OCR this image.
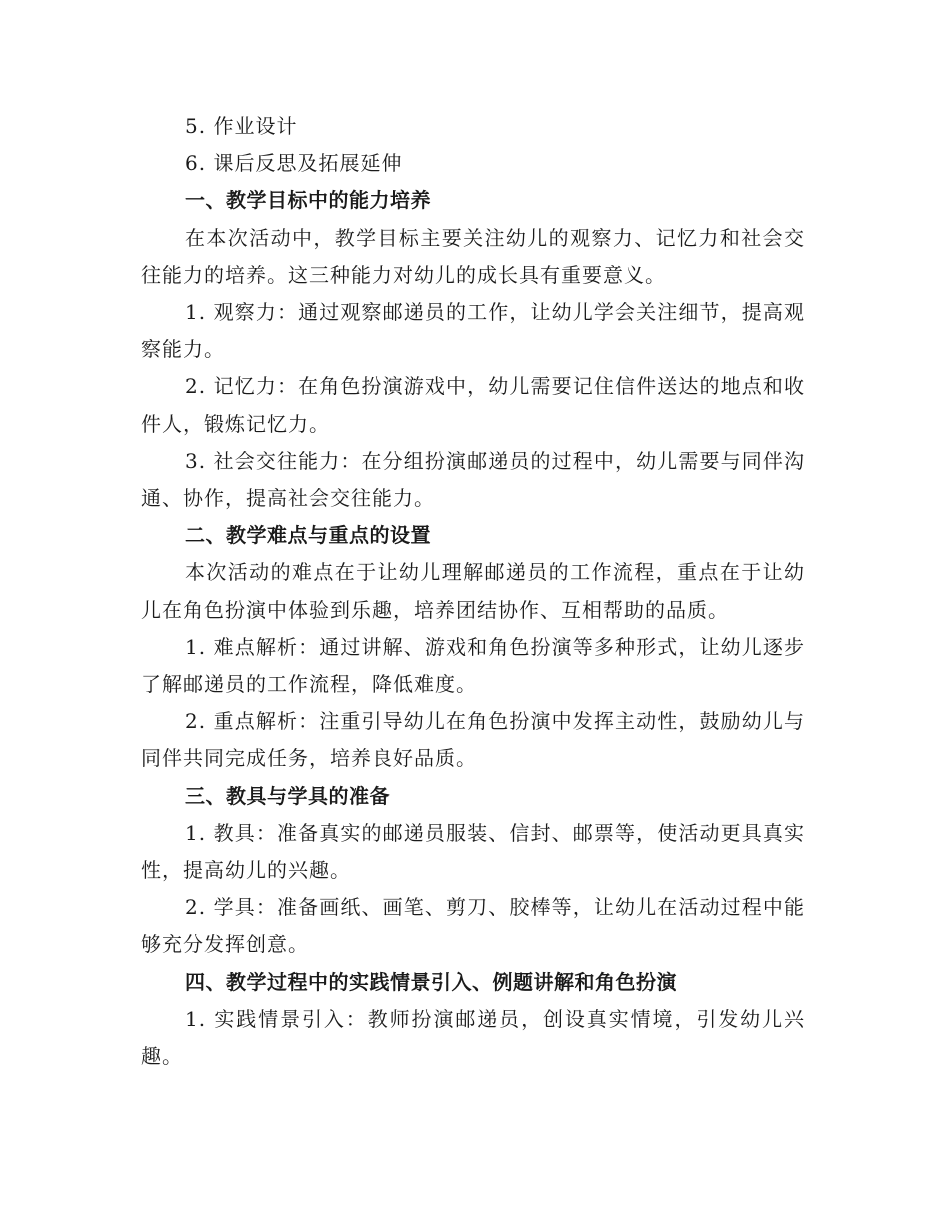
5. 作业设计

6. 课后反思及拓展延伸

一、教学目标中的能力培养

在本次活动中，教学目标主要关注幼儿的观察力、记忆力和社会交往能力的培养。这三种能力对幼儿的成长具有重要意义。

1. 观察力：通过观察邮递员的工作，让幼儿学会关注细节，提高观察能力。

2. 记忆力：在角色扮演游戏中，幼儿需要记住信件送达的地点和收件人，锻炼记忆力。

3. 社会交往能力：在分组扮演邮递员的过程中，幼儿需要与同伴沟通、协作，提高社会交往能力。

二、教学难点与重点的设置

本次活动的难点在于让幼儿理解邮递员的工作流程，重点在于让幼儿在角色扮演中体验到乐趣，培养团结协作、互相帮助的品质。

1. 难点解析：通过讲解、游戏和角色扮演等多种形式，让幼儿逐步了解邮递员的工作流程，降低难度。

2. 重点解析：注重引导幼儿在角色扮演中发挥主动性，鼓励幼儿与同伴共同完成任务，培养良好品质。

三、教具与学具的准备

1. 教具：准备真实的邮递员服装、信封、邮票等，使活动更具真实性，提高幼儿的兴趣。

2. 学具：准备画纸、画笔、剪刀、胶棒等，让幼儿在活动过程中能够充分发挥创意。

四、教学过程中的实践情景引入、例题讲解和角色扮演

1. 实践情景引入：教师扮演邮递员，创设真实情境，引发幼儿兴趣。
